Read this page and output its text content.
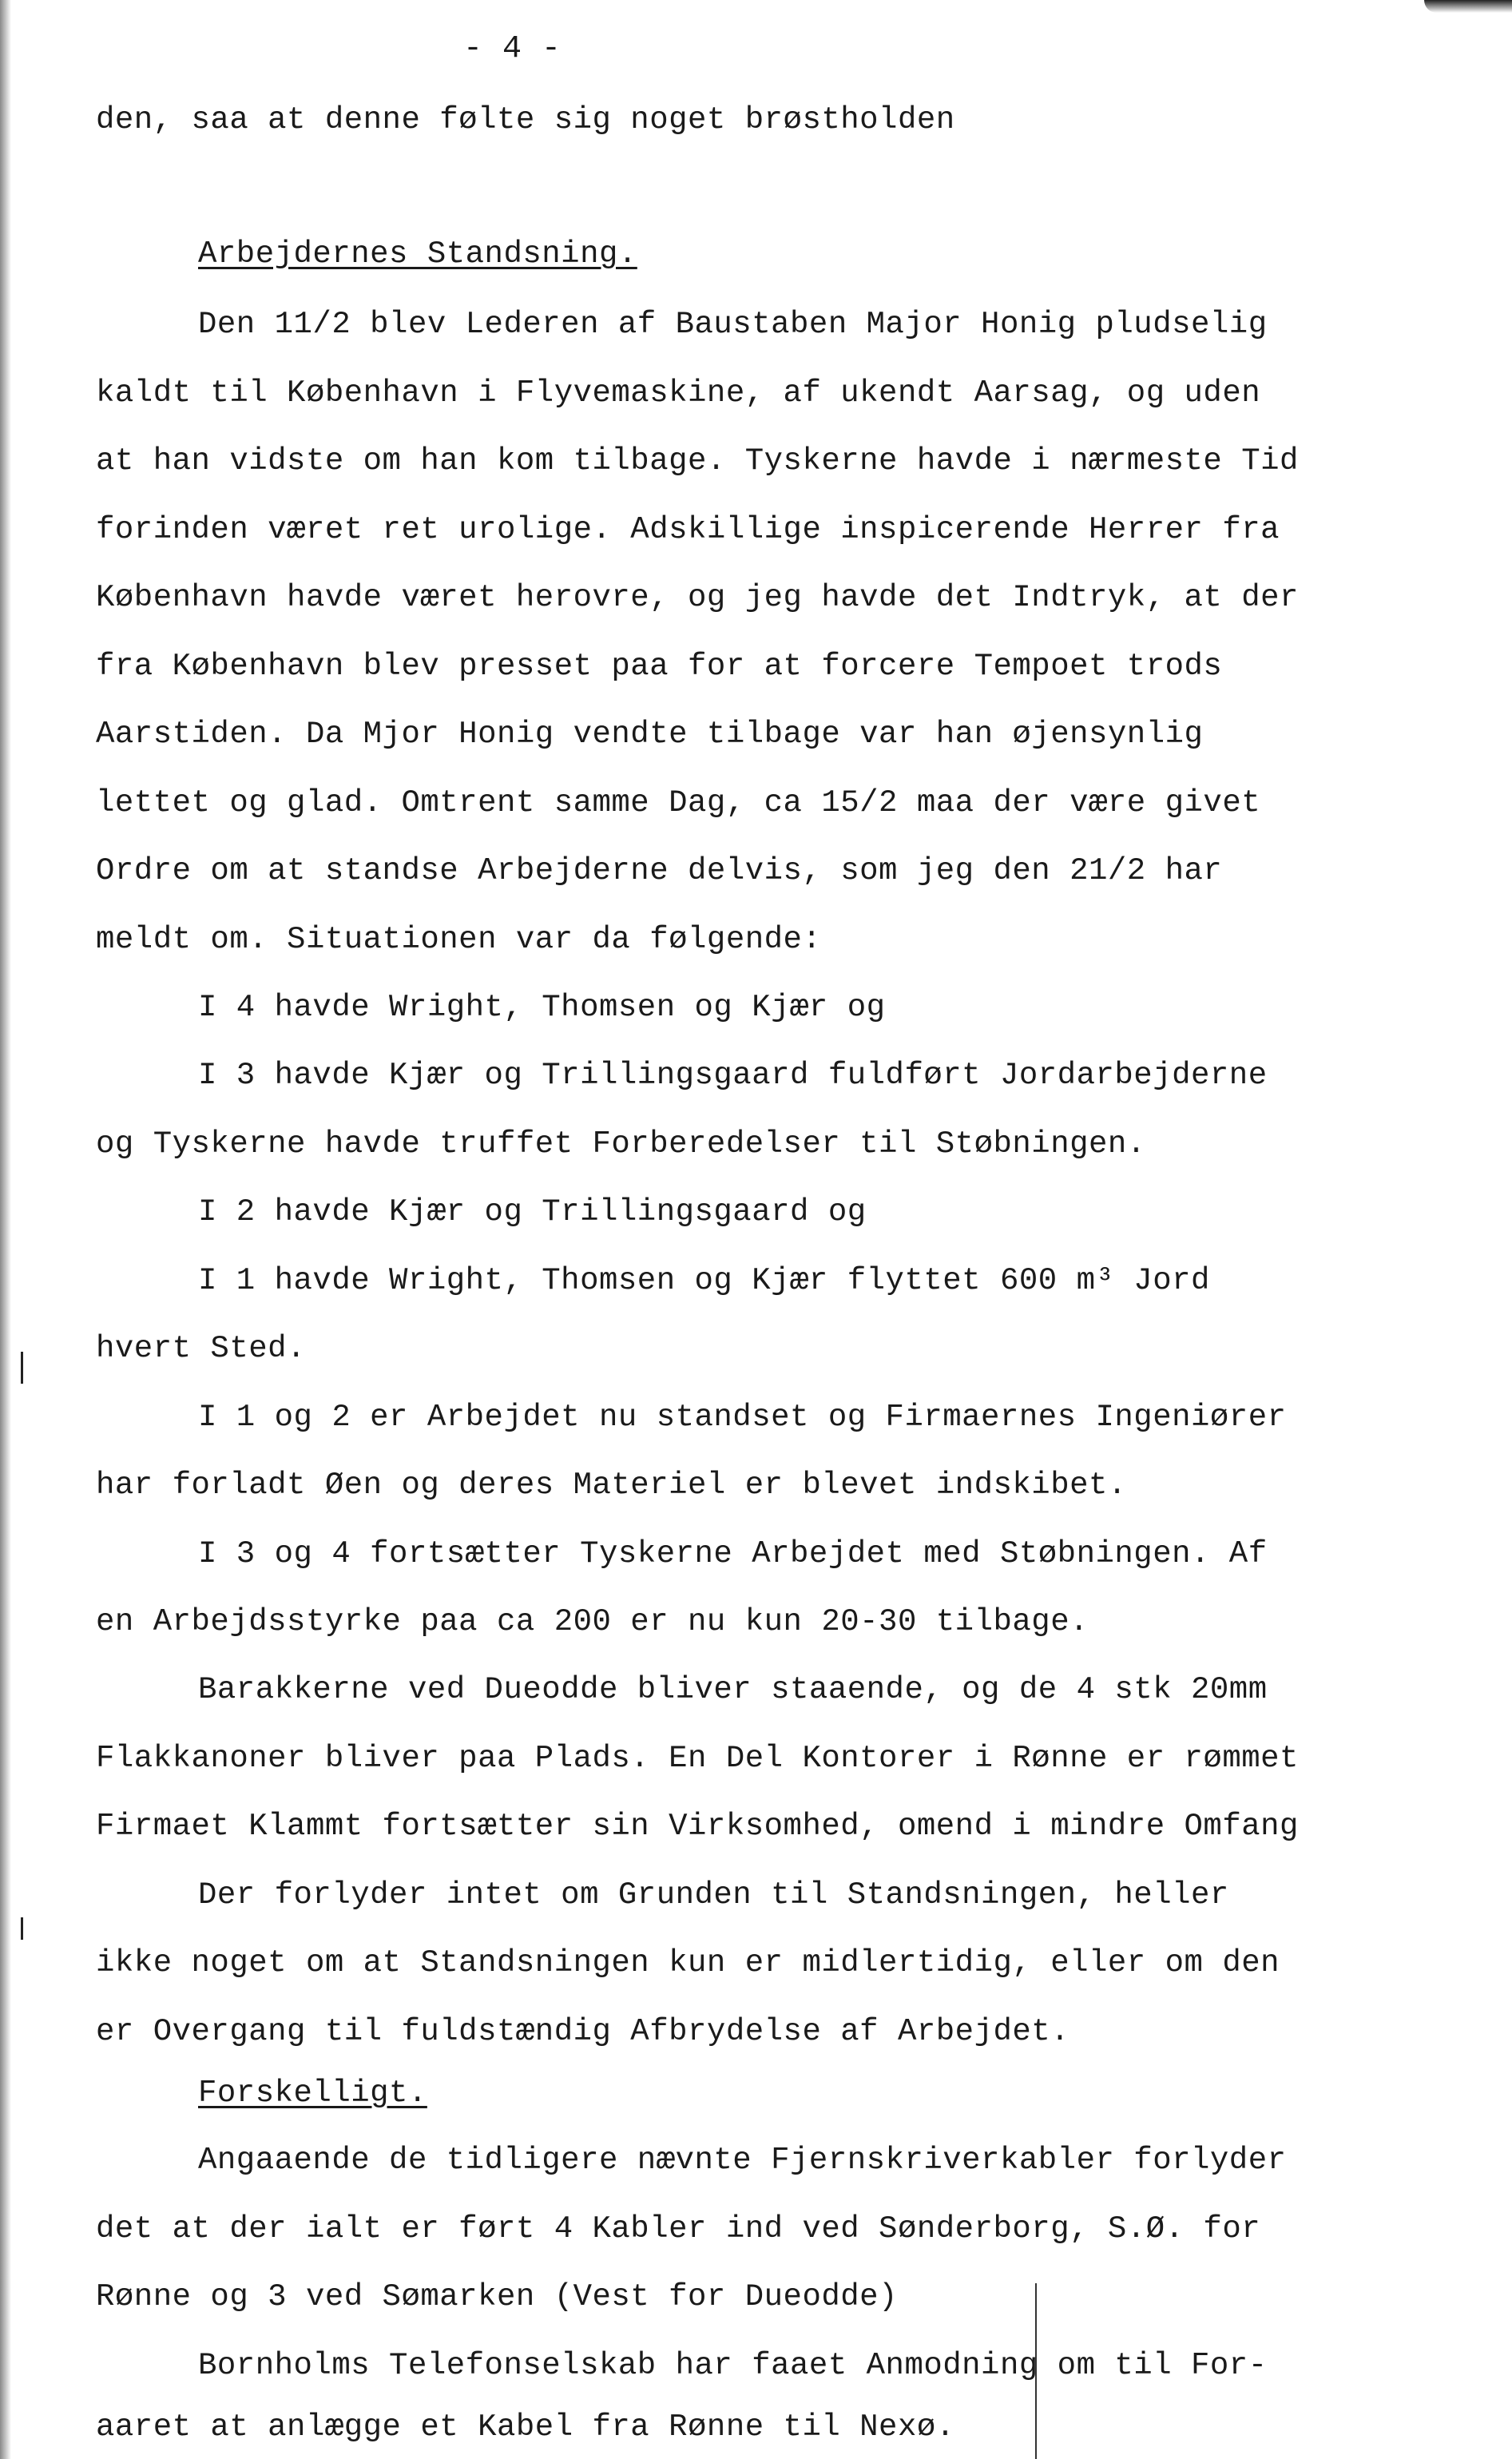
- 4 -
den, saa at denne følte sig noget brøstholden
Arbejdernes Standsning.
Den 11/2 blev Lederen af Baustaben Major Honig pludselig
kaldt til København i Flyvemaskine, af ukendt Aarsag, og uden
at han vidste om han kom tilbage. Tyskerne havde i nærmeste Tid
forinden været ret urolige. Adskillige inspicerende Herrer fra
København havde været herovre, og jeg havde det Indtryk, at der
fra København blev presset paa for at forcere Tempoet trods
Aarstiden. Da Mjor Honig vendte tilbage var han øjensynlig
lettet og glad. Omtrent samme Dag, ca 15/2 maa der være givet
Ordre om at standse Arbejderne delvis, som jeg den 21/2 har
meldt om. Situationen var da følgende:
I 4 havde Wright, Thomsen og Kjær og
I 3 havde Kjær og Trillingsgaard fuldført Jordarbejderne
og Tyskerne havde truffet Forberedelser til Støbningen.
I 2 havde Kjær og Trillingsgaard og
I 1 havde Wright, Thomsen og Kjær flyttet 600 m³ Jord
hvert Sted.
I 1 og 2 er Arbejdet nu standset og Firmaernes Ingeniører
har forladt Øen og deres Materiel er blevet indskibet.
I 3 og 4 fortsætter Tyskerne Arbejdet med Støbningen. Af
en Arbejdsstyrke paa ca 200 er nu kun 20-30 tilbage.
Barakkerne ved Dueodde bliver staaende, og de 4 stk 20mm
Flakkanoner bliver paa Plads. En Del Kontorer i Rønne er rømmet
Firmaet Klammt fortsætter sin Virksomhed, omend i mindre Omfang
Der forlyder intet om Grunden til Standsningen, heller
ikke noget om at Standsningen kun er midlertidig, eller om den
er Overgang til fuldstændig Afbrydelse af Arbejdet.
Forskelligt.
Angaaende de tidligere nævnte Fjernskriverkabler forlyder
det at der ialt er ført 4 Kabler ind ved Sønderborg, S.Ø. for
Rønne og 3 ved Sømarken (Vest for Dueodde)
Bornholms Telefonselskab har faaet Anmodning om til For-
aaret at anlægge et Kabel fra Rønne til Nexø.
